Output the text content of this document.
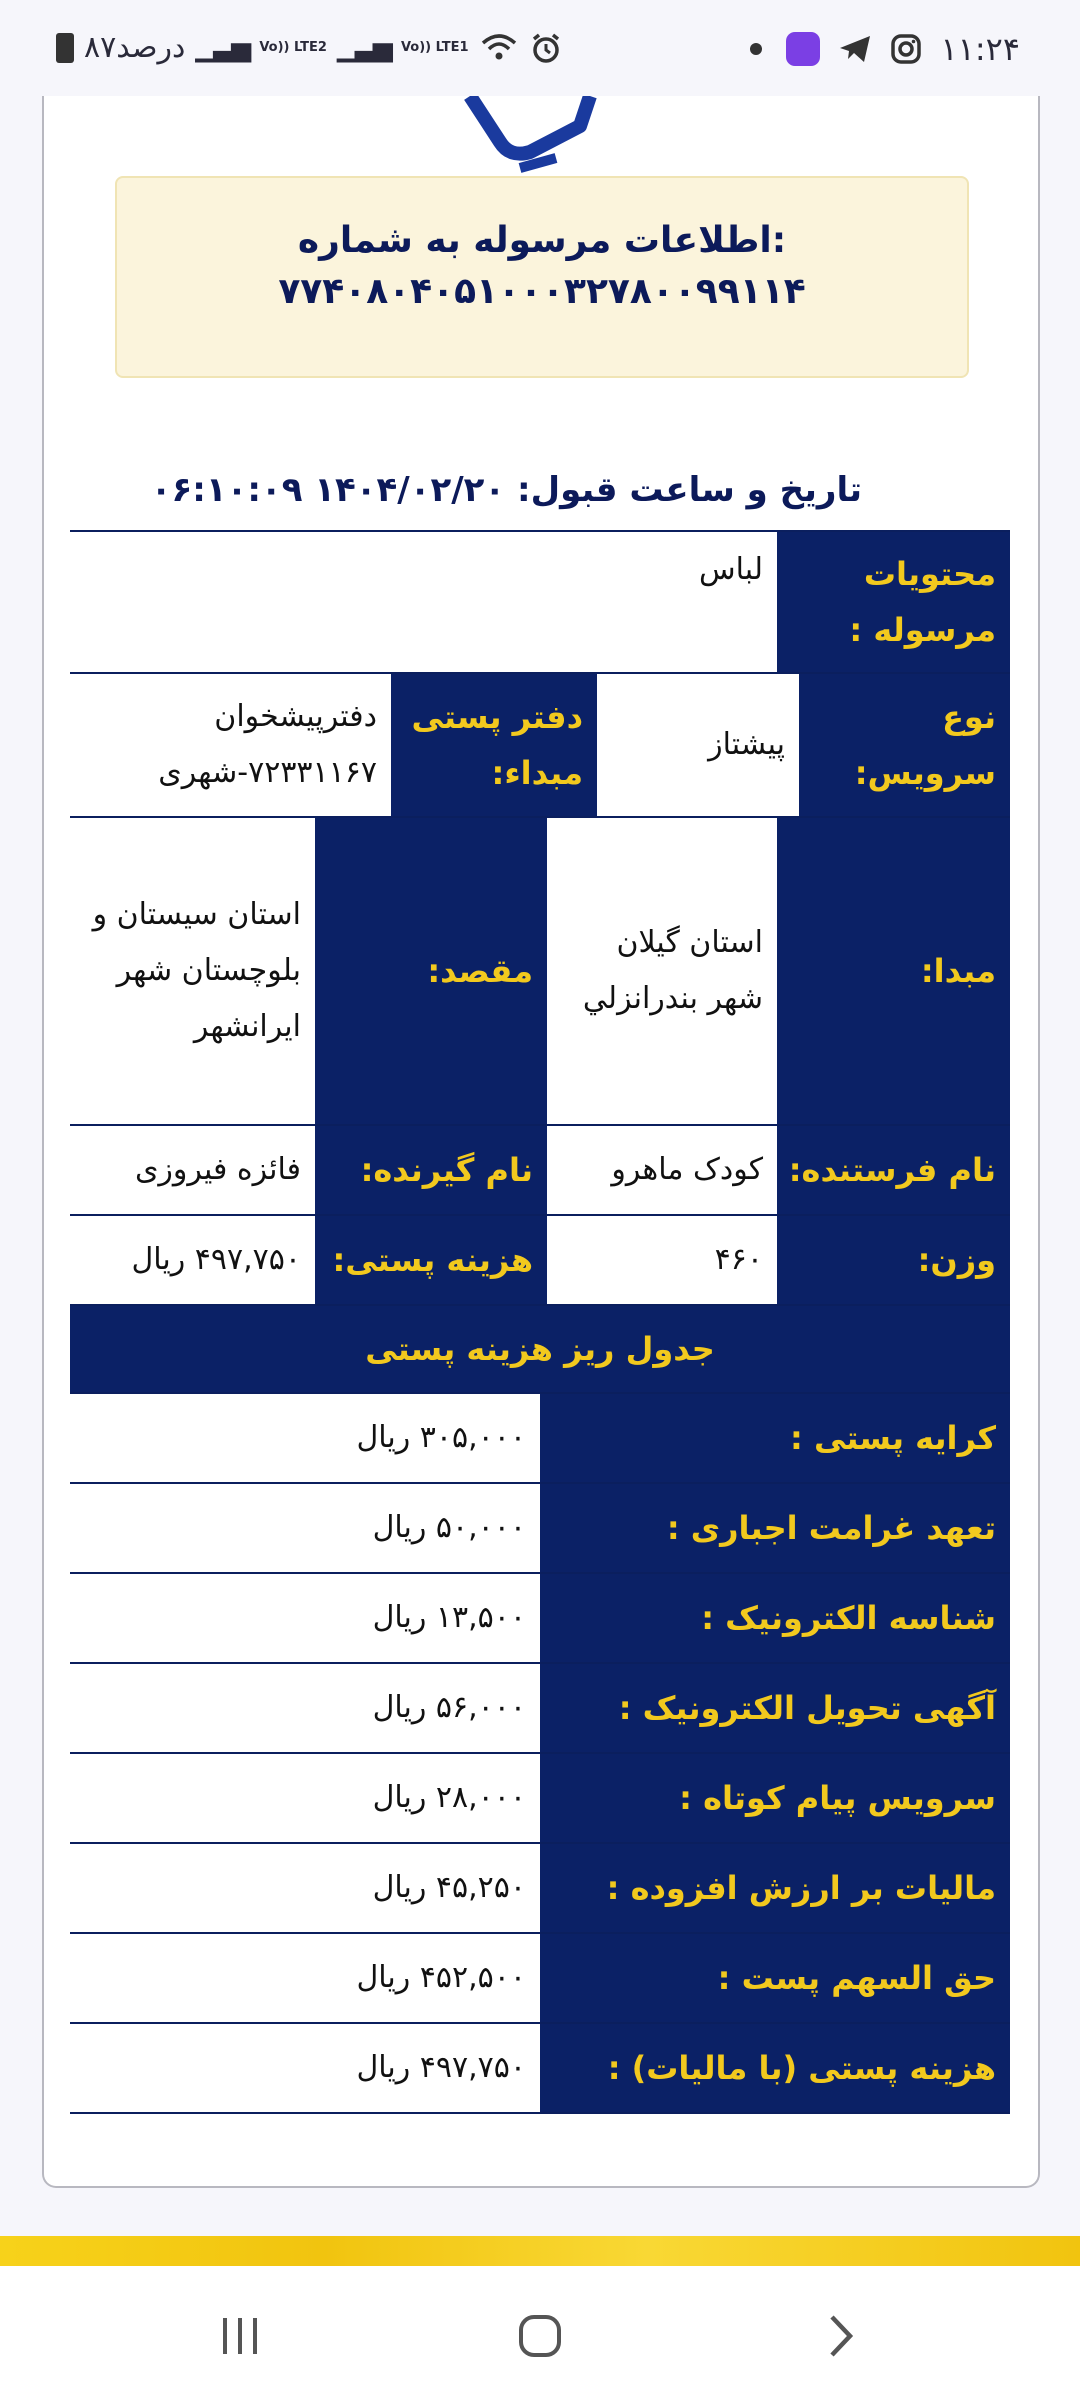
۸۷درصد ▁▃▅ Vo)) LTE2 ▁▃▅ Vo)) LTE1	۱۱:۲۴
اطلاعات مرسوله به شماره:
۷۷۴۰۸۰۴۰۵۱۰۰۰۳۲۷۸۰۰۹۹۱۱۴
تاریخ و ساعت قبول: ۱۴۰۴/۰۲/۲۰ ۰۶:۱۰:۰۹
محتویات مرسوله :
لباس
نوع سرویس:
پیشتاز
دفتر پستی مبداء:
دفترپیشخوان ۷۲۳۳۱۱۶۷-شهری
مبدا:
استان گیلان شهر بندرانزلي
مقصد:
استان سیستان و بلوچستان شهر ایرانشهر
نام فرستنده:
کودک ماهرو
نام گیرنده:
فائزه فیروزی
وزن:
۴۶۰
هزینه پستی:
۴۹۷,۷۵۰ ریال
جدول ریز هزینه پستی
کرایه پستی :
۳۰۵,۰۰۰ ریال
تعهد غرامت اجباری :
۵۰,۰۰۰ ریال
شناسه الکترونیک :
۱۳,۵۰۰ ریال
آگهی تحویل الکترونیک :
۵۶,۰۰۰ ریال
سرویس پیام کوتاه :
۲۸,۰۰۰ ریال
مالیات بر ارزش افزوده :
۴۵,۲۵۰ ریال
حق السهم پست :
۴۵۲,۵۰۰ ریال
هزینه پستی (با مالیات) :
۴۹۷,۷۵۰ ریال
